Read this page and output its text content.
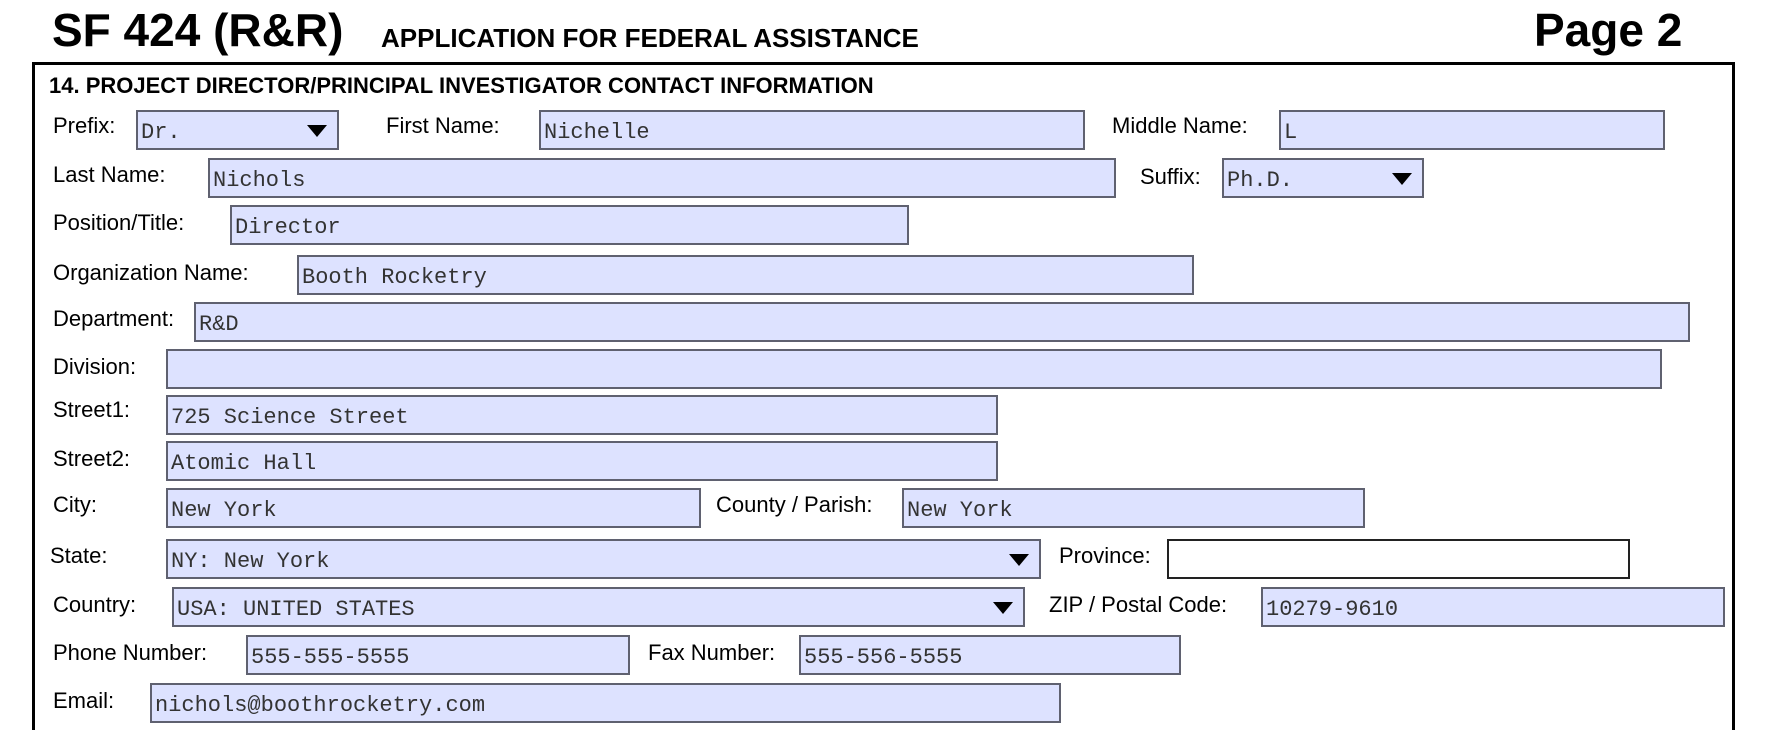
SF 424 (R&R) APPLICATION FOR FEDERAL ASSISTANCE	Page 2
14. PROJECT DIRECTOR/PRINCIPAL INVESTIGATOR CONTACT INFORMATION
Prefix: Dr.	First Name: Nichelle	Middle Name: L
Last Name: Nichols	Suffix: Ph.D.
Position/Title: Director
Organization Name: Booth Rocketry
Department: R&D
Division:
Street1: 725 Science Street
Street2: Atomic Hall
City:	New York	County / Parish: New York
State:	NY: New York	Province:
Country: USA: UNITED STATES	ZIP / Postal Code: 10279-9610
Phone Number: 555-555-5555	Fax Number: 555-556-5555
Email: nichols@boothrocketry.com
